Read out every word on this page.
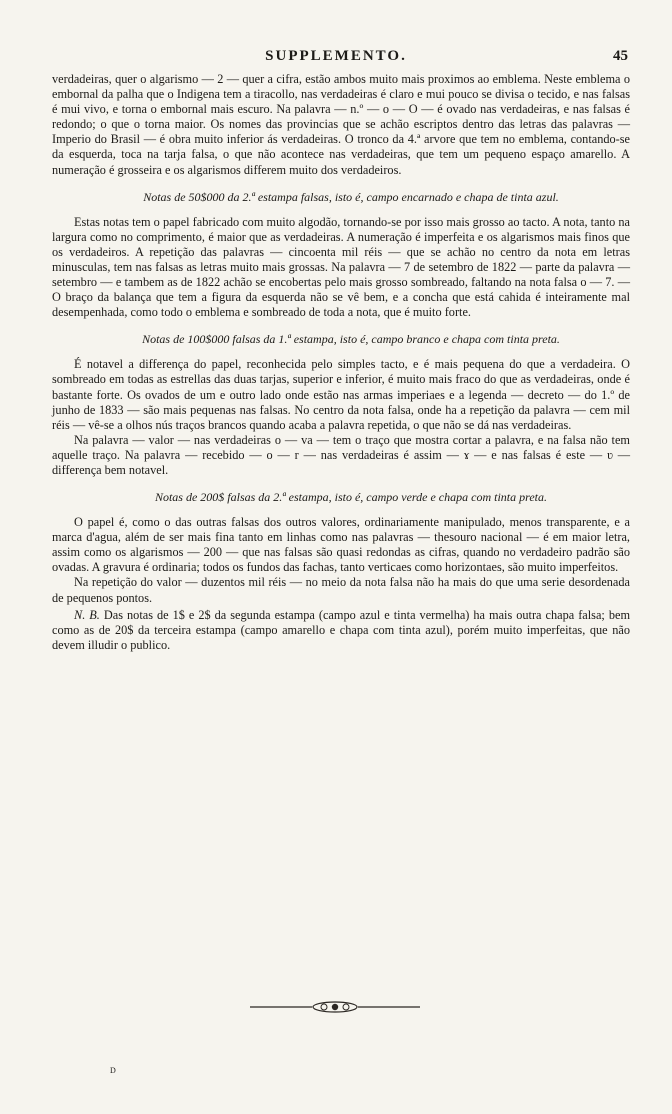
SUPPLEMENTO.	45

verdadeiras, quer o algarismo — 2 — quer a cifra, estão ambos muito mais proximos ao emblema. Neste emblema o embornal da palha que o Indigena tem a tiracollo, nas verdadeiras é claro e mui pouco se divisa o tecido, e nas falsas é mui vivo, e torna o embornal mais escuro. Na palavra — n.º — o — O — é ovado nas verdadeiras, e nas falsas é redondo; o que o torna maior. Os nomes das provincias que se achão escriptos dentro das letras das palavras — Imperio do Brasil — é obra muito inferior ás verdadeiras. O tronco da 4.ª arvore que tem no emblema, contando-se da esquerda, toca na tarja falsa, o que não acontece nas verdadeiras, que tem um pequeno espaço amarello. A numeração é grosseira e os algarismos differem muito dos verdadeiros.

Notas de 50$000 da 2.ª estampa falsas, isto é, campo encarnado e chapa de tinta azul.

Estas notas tem o papel fabricado com muito algodão, tornando-se por isso mais grosso ao tacto. A nota, tanto na largura como no comprimento, é maior que as verdadeiras. A numeração é imperfeita e os algarismos mais finos que os verdadeiros. A repetição das palavras — cincoenta mil réis — que se achão no centro da nota em letras minusculas, tem nas falsas as letras muito mais grossas. Na palavra — 7 de setembro de 1822 — parte da palavra — setembro — e tambem as de 1822 achão se encobertas pelo mais grosso sombreado, faltando na nota falsa o — 7. — O braço da balança que tem a figura da esquerda não se vê bem, e a concha que está cahida é inteiramente mal desempenhada, como todo o emblema e sombreado de toda a nota, que é muito forte.

Notas de 100$000 falsas da 1.ª estampa, isto é, campo branco e chapa com tinta preta.

É notavel a differença do papel, reconhecida pelo simples tacto, e é mais pequena do que a verdadeira. O sombreado em todas as estrellas das duas tarjas, superior e inferior, é muito mais fraco do que as verdadeiras, onde é bastante forte. Os ovados de um e outro lado onde estão nas armas imperiaes e a legenda — decreto — do 1.º de junho de 1833 — são mais pequenas nas falsas. No centro da nota falsa, onde ha a repetição da palavra — cem mil réis — vê-se a olhos nús traços brancos quando acaba a palavra repetida, o que não se dá nas verdadeiras.

Na palavra — valor — nas verdadeiras o — va — tem o traço que mostra cortar a palavra, e na falsa não tem aquelle traço. Na palavra — recebido — o — r — nas verdadeiras é assim — ɤ — e nas falsas é este — ʋ — differença bem notavel.

Notas de 200$ falsas da 2.ª estampa, isto é, campo verde e chapa com tinta preta.

O papel é, como o das outras falsas dos outros valores, ordinariamente manipulado, menos transparente, e a marca d'agua, além de ser mais fina tanto em linhas como nas palavras — thesouro nacional — é em maior letra, assim como os algarismos — 200 — que nas falsas são quasi redondas as cifras, quando no verdadeiro padrão são ovadas. A gravura é ordinaria; todos os fundos das fachas, tanto verticaes como horizontaes, são muito imperfeitos.

Na repetição do valor — duzentos mil réis — no meio da nota falsa não ha mais do que uma serie desordenada de pequenos pontos.

N. B. Das notas de 1$ e 2$ da segunda estampa (campo azul e tinta vermelha) ha mais outra chapa falsa; bem como as de 20$ da terceira estampa (campo amarello e chapa com tinta azul), porém muito imperfeitas, que não devem illudir o publico.

D
